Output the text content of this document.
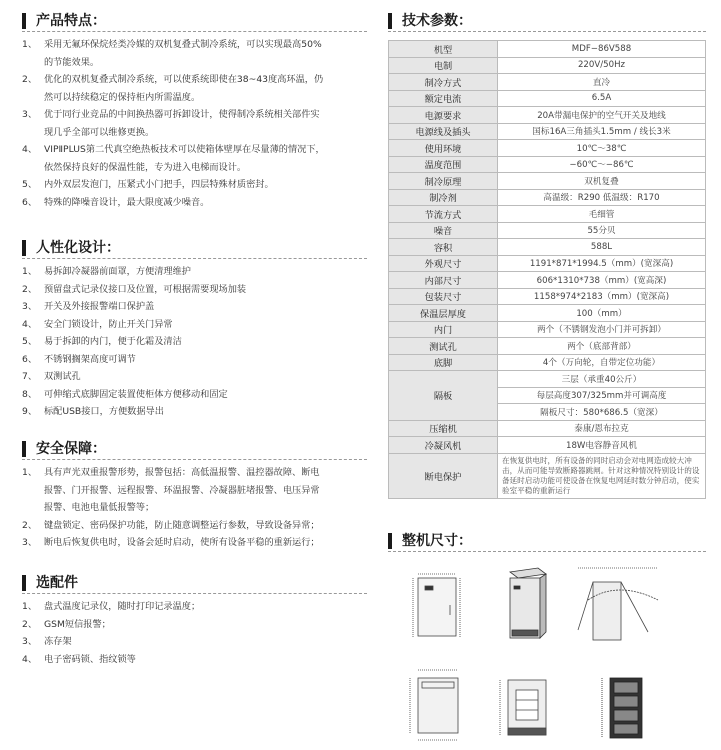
产品特点：
1、 采用无氟环保烷烃类冷媒的双机复叠式制冷系统，可以实现最高50%
的节能效果。
2、 优化的双机复叠式制冷系统，可以使系统即使在38~43度高环温，仍
然可以持续稳定的保持柜内所需温度。
3、 优于同行业竞品的中间换热器可拆卸设计，使得制冷系统相关部件实
现几乎全部可以维修更换。
4、 VIPⅡPLUS第二代真空绝热板技术可以使箱体壁厚在尽量薄的情况下，
依然保持良好的保温性能，专为进入电梯而设计。
5、 内外双层发泡门，压紧式小门把手，四层特殊材质密封。
6、 特殊的降噪音设计，最大限度减少噪音。
人性化设计：
1、 易拆卸冷凝器前面罩，方便清理维护
2、 预留盘式记录仪接口及位置，可根据需要现场加装
3、 开关及外接报警端口保护盖
4、 安全门锁设计，防止开关门异常
5、 易于拆卸的内门，便于化霜及清洁
6、 不锈钢搁架高度可调节
7、 双测试孔
8、 可伸缩式底脚固定装置使柜体方便移动和固定
9、 标配USB接口，方便数据导出
安全保障：
1、 具有声光双重报警形势，报警包括：高低温报警、温控器故障、断电
报警、门开报警、远程报警、环温报警、冷凝器脏堵报警、电压异常
报警、电池电量低报警等；
2、 键盘锁定、密码保护功能，防止随意调整运行参数，导致设备异常；
3、 断电后恢复供电时，设备会延时启动，使所有设备平稳的重新运行；
选配件
1、 盘式温度记录仪，随时打印记录温度；
2、 GSM短信报警；
3、 冻存架
4、 电子密码锁、指纹锁等
技术参数：
机型	MDF−86V588
电制	220V/50Hz
制冷方式	直冷
额定电流	6.5A
电源要求	20A带漏电保护的空气开关及地线
电源线及插头	国标16A三角插头1.5mm / 线长3米
使用环境	10℃～38℃
温度范围	−60℃～−86℃
制冷原理	双机复叠
制冷剂	高温级：R290 低温级：R170
节流方式	毛细管
噪音	55分贝
容积	588L
外观尺寸	1191*871*1994.5（mm）(宽深高)
内部尺寸	606*1310*738（mm）(宽高深)
包装尺寸	1158*974*2183（mm）(宽深高)
保温层厚度	100（mm）
内门	两个（不锈钢发泡小门并可拆卸）
测试孔	两个（底部背部）
底脚	4个（万向轮，自带定位功能）
隔板	三层（承重40公斤）
	每层高度307/325mm并可调高度
	隔板尺寸：580*686.5（宽深）
压缩机	泰康/恩布拉克
冷凝风机	18W电容静音风机
断电保护	在恢复供电时，所有设备的同时启动会对电网造成较大冲击，从而可能导致断路器跳闸。针对这种情况特别设计的设备延时启动功能可使设备在恢复电网延时数分钟启动，使实验室平稳的重新运行
整机尺寸：
